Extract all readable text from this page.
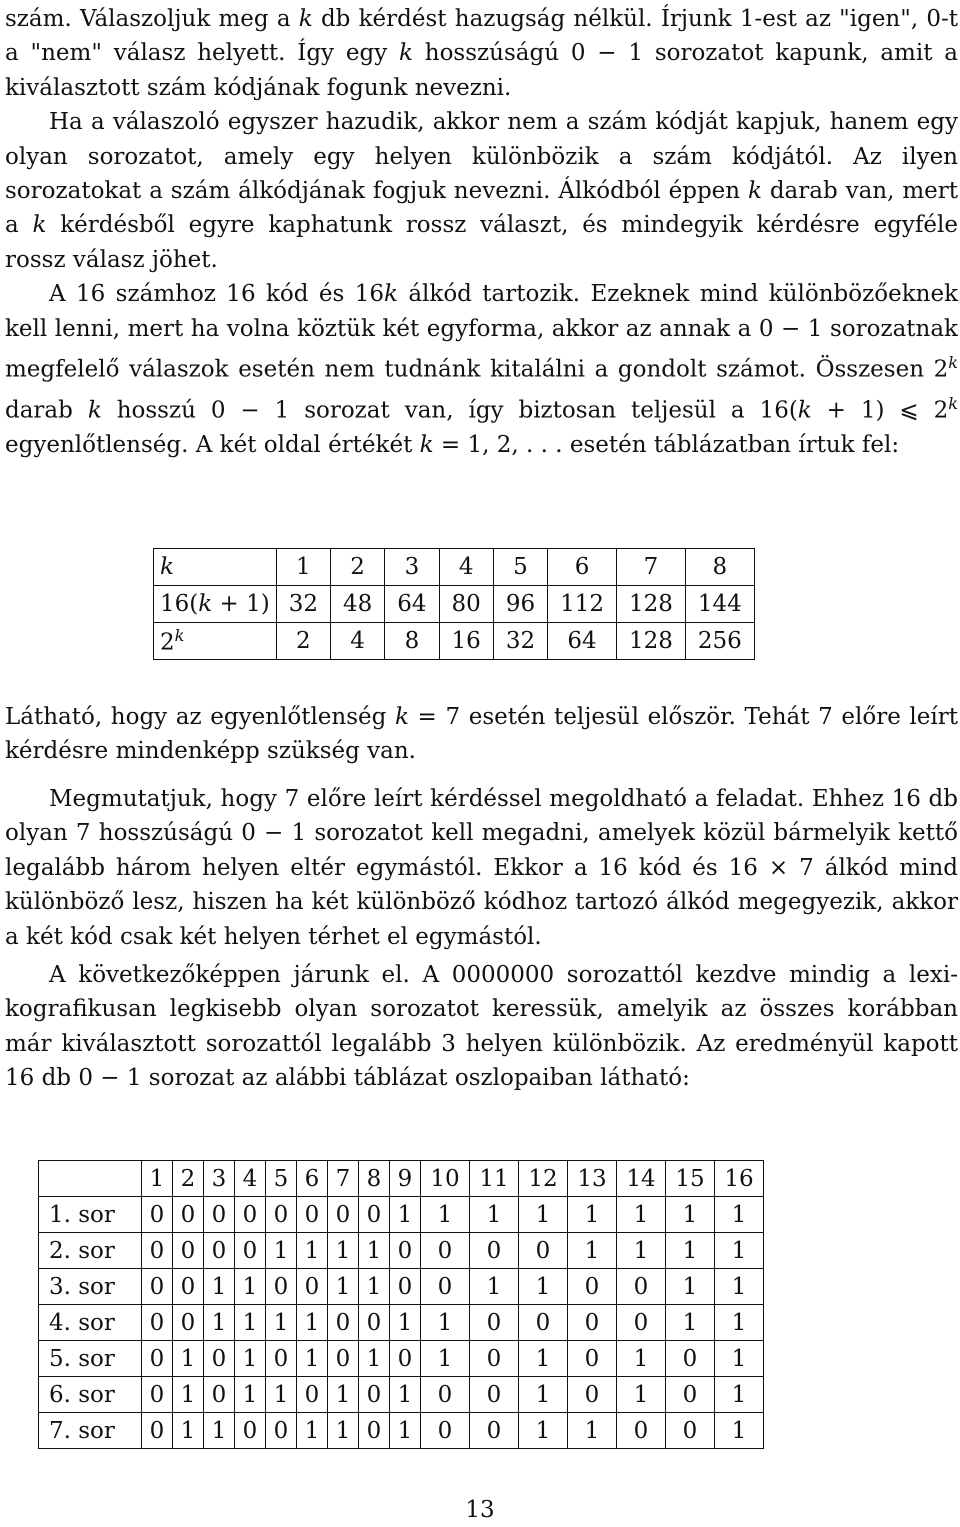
szám. Válaszoljuk meg a k db kérdést hazugság nélkül. Írjunk 1-est az "igen", 0-t a "nem" válasz helyett. Így egy k hosszúságú 0 − 1 sorozatot kapunk, amit a kiválasztott szám kódjának fogunk nevezni.

Ha a válaszoló egyszer hazudik, akkor nem a szám kódját kapjuk, hanem egy olyan sorozatot, amely egy helyen különbözik a szám kódjától. Az ilyen sorozatokat a szám álkódjának fogjuk nevezni. Álkódból éppen k darab van, mert a k kérdésből egyre kaphatunk rossz választ, és mindegyik kérdésre egyféle rossz válasz jöhet.

A 16 számhoz 16 kód és 16k álkód tartozik. Ezeknek mind különbözőeknek kell lenni, mert ha volna köztük két egyforma, akkor az annak a 0 − 1 sorozatnak megfelelő válaszok esetén nem tudnánk kitalálni a gondolt számot. Összesen 2$^k$ darab k hosszú 0 − 1 sorozat van, így biztosan teljesül a 16(k + 1) ⩽ 2$^k$ egyenlőtlenség. A két oldal értékét k = 1, 2, . . . esetén táblázatban írtuk fel:

k	1	2	3	4	5	6	7	8
16(k + 1)	32	48	64	80	96	112	128	144
2$^k$	2	4	8	16	32	64	128	256

Látható, hogy az egyenlőtlenség k = 7 esetén teljesül először. Tehát 7 előre leírt kérdésre mindenképp szükség van.

Megmutatjuk, hogy 7 előre leírt kérdéssel megoldható a feladat. Ehhez 16 db olyan 7 hosszúságú 0 − 1 sorozatot kell megadni, amelyek közül bármelyik kettő legalább három helyen eltér egymástól. Ekkor a 16 kód és 16 × 7 álkód mind különböző lesz, hiszen ha két különböző kódhoz tartozó álkód megegyezik, akkor a két kód csak két helyen térhet el egymástól.

A következőképpen járunk el. A 0000000 sorozattól kezdve mindig a lexikografikusan legkisebb olyan sorozatot keressük, amelyik az összes korábban már kiválasztott sorozattól legalább 3 helyen különbözik. Az eredményül kapott 16 db 0 − 1 sorozat az alábbi táblázat oszlopaiban látható:

	1	2	3	4	5	6	7	8	9	10	11	12	13	14	15	16
1. sor	0	0	0	0	0	0	0	0	1	1	1	1	1	1	1	1
2. sor	0	0	0	0	1	1	1	1	0	0	0	0	1	1	1	1
3. sor	0	0	1	1	0	0	1	1	0	0	1	1	0	0	1	1
4. sor	0	0	1	1	1	1	0	0	1	1	0	0	0	0	1	1
5. sor	0	1	0	1	0	1	0	1	0	1	0	1	0	1	0	1
6. sor	0	1	0	1	1	0	1	0	1	0	0	1	0	1	0	1
7. sor	0	1	1	0	0	1	1	0	1	0	0	1	1	0	0	1
13
